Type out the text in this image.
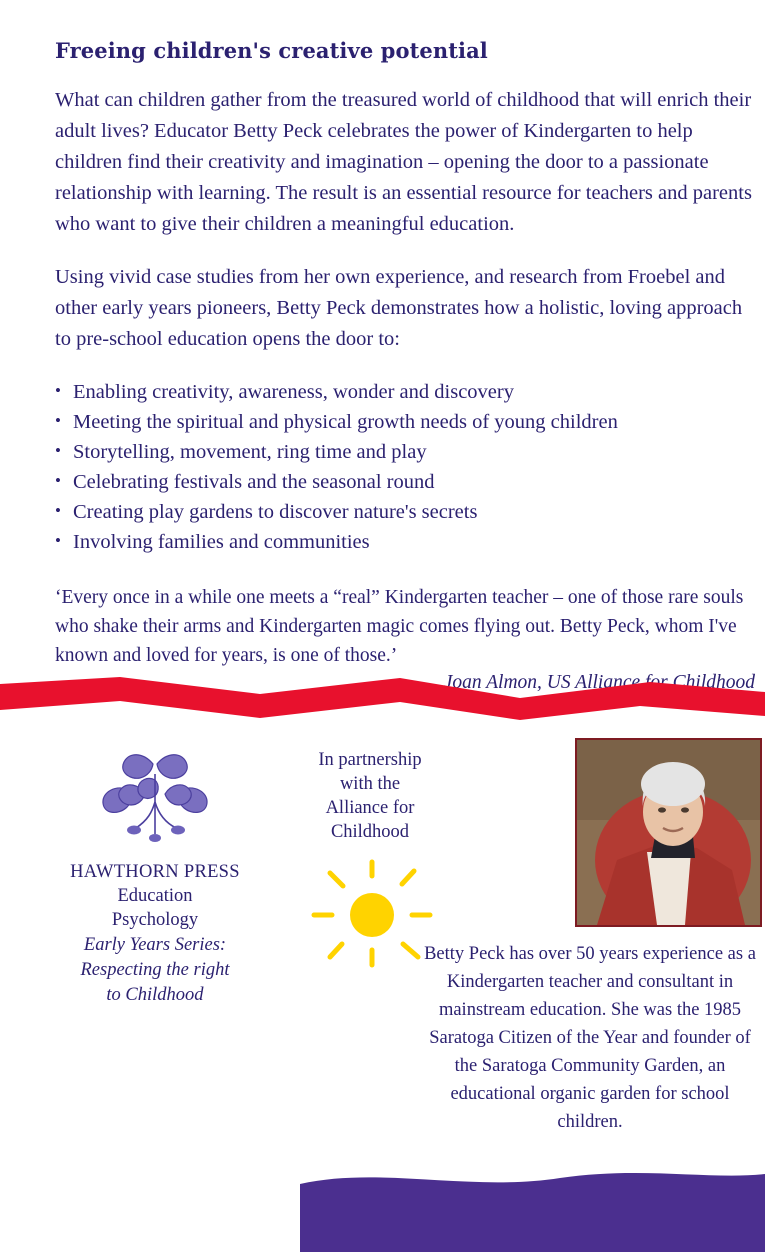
Freeing children's creative potential

What can children gather from the treasured world of childhood that will enrich their adult lives? Educator Betty Peck celebrates the power of Kindergarten to help children find their creativity and imagination – opening the door to a passionate relationship with learning. The result is an essential resource for teachers and parents who want to give their children a meaningful education.

Using vivid case studies from her own experience, and research from Froebel and other early years pioneers, Betty Peck demonstrates how a holistic, loving approach to pre-school education opens the door to:

• Enabling creativity, awareness, wonder and discovery
• Meeting the spiritual and physical growth needs of young children
• Storytelling, movement, ring time and play
• Celebrating festivals and the seasonal round
• Creating play gardens to discover nature's secrets
• Involving families and communities

‘Every once in a while one meets a “real” Kindergarten teacher – one of those rare souls who shake their arms and Kindergarten magic comes flying out. Betty Peck, whom I've known and loved for years, is one of those.’

Joan Almon, US Alliance for Childhood

HAWTHORN PRESS
Education
Psychology
Early Years Series:
Respecting the right
to Childhood
In partnership
with the
Alliance for
Childhood
Betty Peck has over 50 years experience as a Kindergarten teacher and consultant in mainstream education. She was the 1985 Saratoga Citizen of the Year and founder of the Saratoga Community Garden, an educational organic garden for school children.
